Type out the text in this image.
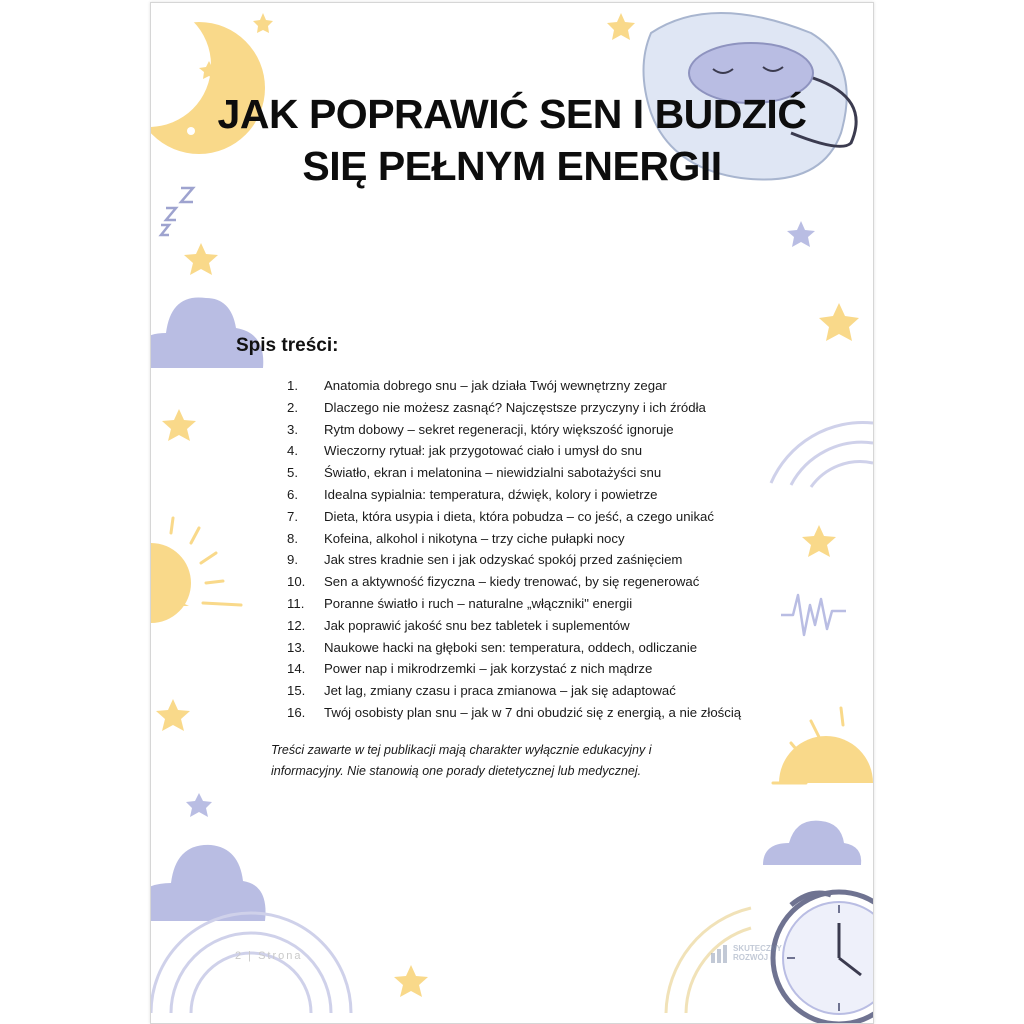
JAK POPRAWIĆ SEN I BUDZIĆ
SIĘ PEŁNYM ENERGII
Spis treści:
1. Anatomia dobrego snu – jak działa Twój wewnętrzny zegar
2. Dlaczego nie możesz zasnąć? Najczęstsze przyczyny i ich źródła
3. Rytm dobowy – sekret regeneracji, który większość ignoruje
4. Wieczorny rytuał: jak przygotować ciało i umysł do snu
5. Światło, ekran i melatonina – niewidzialni sabotażyści snu
6. Idealna sypialnia: temperatura, dźwięk, kolory i powietrze
7. Dieta, która usypia i dieta, która pobudza – co jeść, a czego unikać
8. Kofeina, alkohol i nikotyna – trzy ciche pułapki nocy
9. Jak stres kradnie sen i jak odzyskać spokój przed zaśnięciem
10. Sen a aktywność fizyczna – kiedy trenować, by się regenerować
11. Poranne światło i ruch – naturalne „włączniki" energii
12. Jak poprawić jakość snu bez tabletek i suplementów
13. Naukowe hacki na głęboki sen: temperatura, oddech, odliczanie
14. Power nap i mikrodrzemki – jak korzystać z nich mądrze
15. Jet lag, zmiany czasu i praca zmianowa – jak się adaptować
16. Twój osobisty plan snu – jak w 7 dni obudzić się z energią, a nie złością

Treści zawarte w tej publikacji mają charakter wyłącznie edukacyjny i informacyjny. Nie stanowią one porady dietetycznej lub medycznej.

2 | Strona
SKUTECZNY
ROZWÓJ
